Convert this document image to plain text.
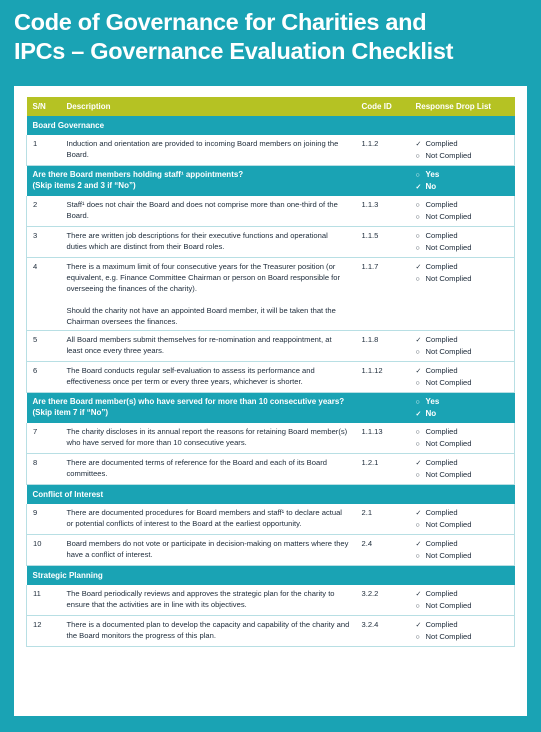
Code of Governance for Charities and
IPCs – Governance Evaluation Checklist
S/N	Description	Code ID	Response Drop List
Board Governance			
1	Induction and orientation are provided to incoming Board members on joining the Board.	1.1.2	✓ Complied
○ Not Complied

Are there Board members holding staff¹ appointments?
(Skip items 2 and 3 if “No”)			○ Yes
✓ No

2	Staff¹ does not chair the Board and does not comprise more than one-third of the Board.	1.1.3	○ Complied
○ Not Complied

3	There are written job descriptions for their executive functions and operational duties which are distinct from their Board roles.	1.1.5	○ Complied
○ Not Complied

4	There is a maximum limit of four consecutive years for the Treasurer position (or equivalent, e.g. Finance Committee Chairman or person on Board responsible for overseeing the finances of the charity).
Should the charity not have an appointed Board member, it will be taken that the Chairman oversees the finances.	1.1.7	✓ Complied
○ Not Complied

5	All Board members submit themselves for re-nomination and reappointment, at least once every three years.	1.1.8	✓ Complied
○ Not Complied

6	The Board conducts regular self-evaluation to assess its performance and effectiveness once per term or every three years, whichever is shorter.	1.1.12	✓ Complied
○ Not Complied

Are there Board member(s) who have served for more than 10 consecutive years?
(Skip item 7 if “No”)			○ Yes
✓ No

7	The charity discloses in its annual report the reasons for retaining Board member(s) who have served for more than 10 consecutive years.	1.1.13	○ Complied
○ Not Complied

8	There are documented terms of reference for the Board and each of its Board committees.	1.2.1	✓ Complied
○ Not Complied

Conflict of Interest			
9	There are documented procedures for Board members and staff¹ to declare actual or potential conflicts of interest to the Board at the earliest opportunity.	2.1	✓ Complied
○ Not Complied

10	Board members do not vote or participate in decision-making on matters where they have a conflict of interest.	2.4	✓ Complied
○ Not Complied

Strategic Planning			
11	The Board periodically reviews and approves the strategic plan for the charity to ensure that the activities are in line with its objectives.	3.2.2	✓ Complied
○ Not Complied

12	There is a documented plan to develop the capacity and capability of the charity and the Board monitors the progress of this plan.	3.2.4	✓ Complied
○ Not Complied
